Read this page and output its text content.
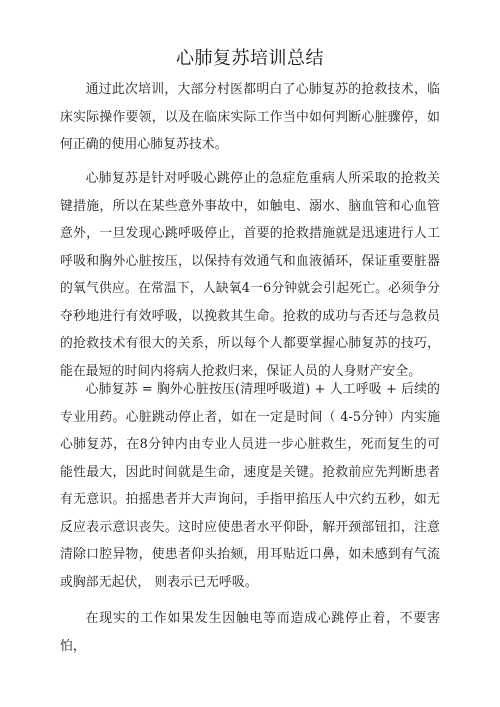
心肺复苏培训总结

通过此次培训，大部分村医都明白了心肺复苏的抢救技术，临床实际操作要领，以及在临床实际工作当中如何判断心脏骤停，如何正确的使用心肺复苏技术。

心肺复苏是针对呼吸心跳停止的急症危重病人所采取的抢救关键措施，所以在某些意外事故中，如触电、溺水、脑血管和心血管意外，一旦发现心跳呼吸停止，首要的抢救措施就是迅速进行人工呼吸和胸外心脏按压，以保持有效通气和血液循环，保证重要脏器的氧气供应。在常温下，人缺氧4一6分钟就会引起死亡。必须争分夺秒地进行有效呼吸，以挽救其生命。抢救的成功与否还与急救员的抢救技术有很大的关系，所以每个人都要掌握心肺复苏的技巧，能在最短的时间内将病人抢救归来，保证人员的人身财产安全。

心肺复苏 = 胸外心脏按压(清理呼吸道) + 人工呼吸 + 后续的专业用药。心脏跳动停止者，如在一定是时间（ 4-5分钟）内实施心肺复苏，在8分钟内由专业人员进一步心脏救生，死而复生的可能性最大，因此时间就是生命，速度是关键。抢救前应先判断患者有无意识。拍摇患者并大声询问，手指甲掐压人中穴约五秒，如无反应表示意识丧失。这时应使患者水平仰卧，解开颈部钮扣，注意清除口腔异物，使患者仰头抬颏，用耳贴近口鼻，如未感到有气流或胸部无起伏， 则表示已无呼吸。

在现实的工作如果发生因触电等而造成心跳停止着，不要害怕，
